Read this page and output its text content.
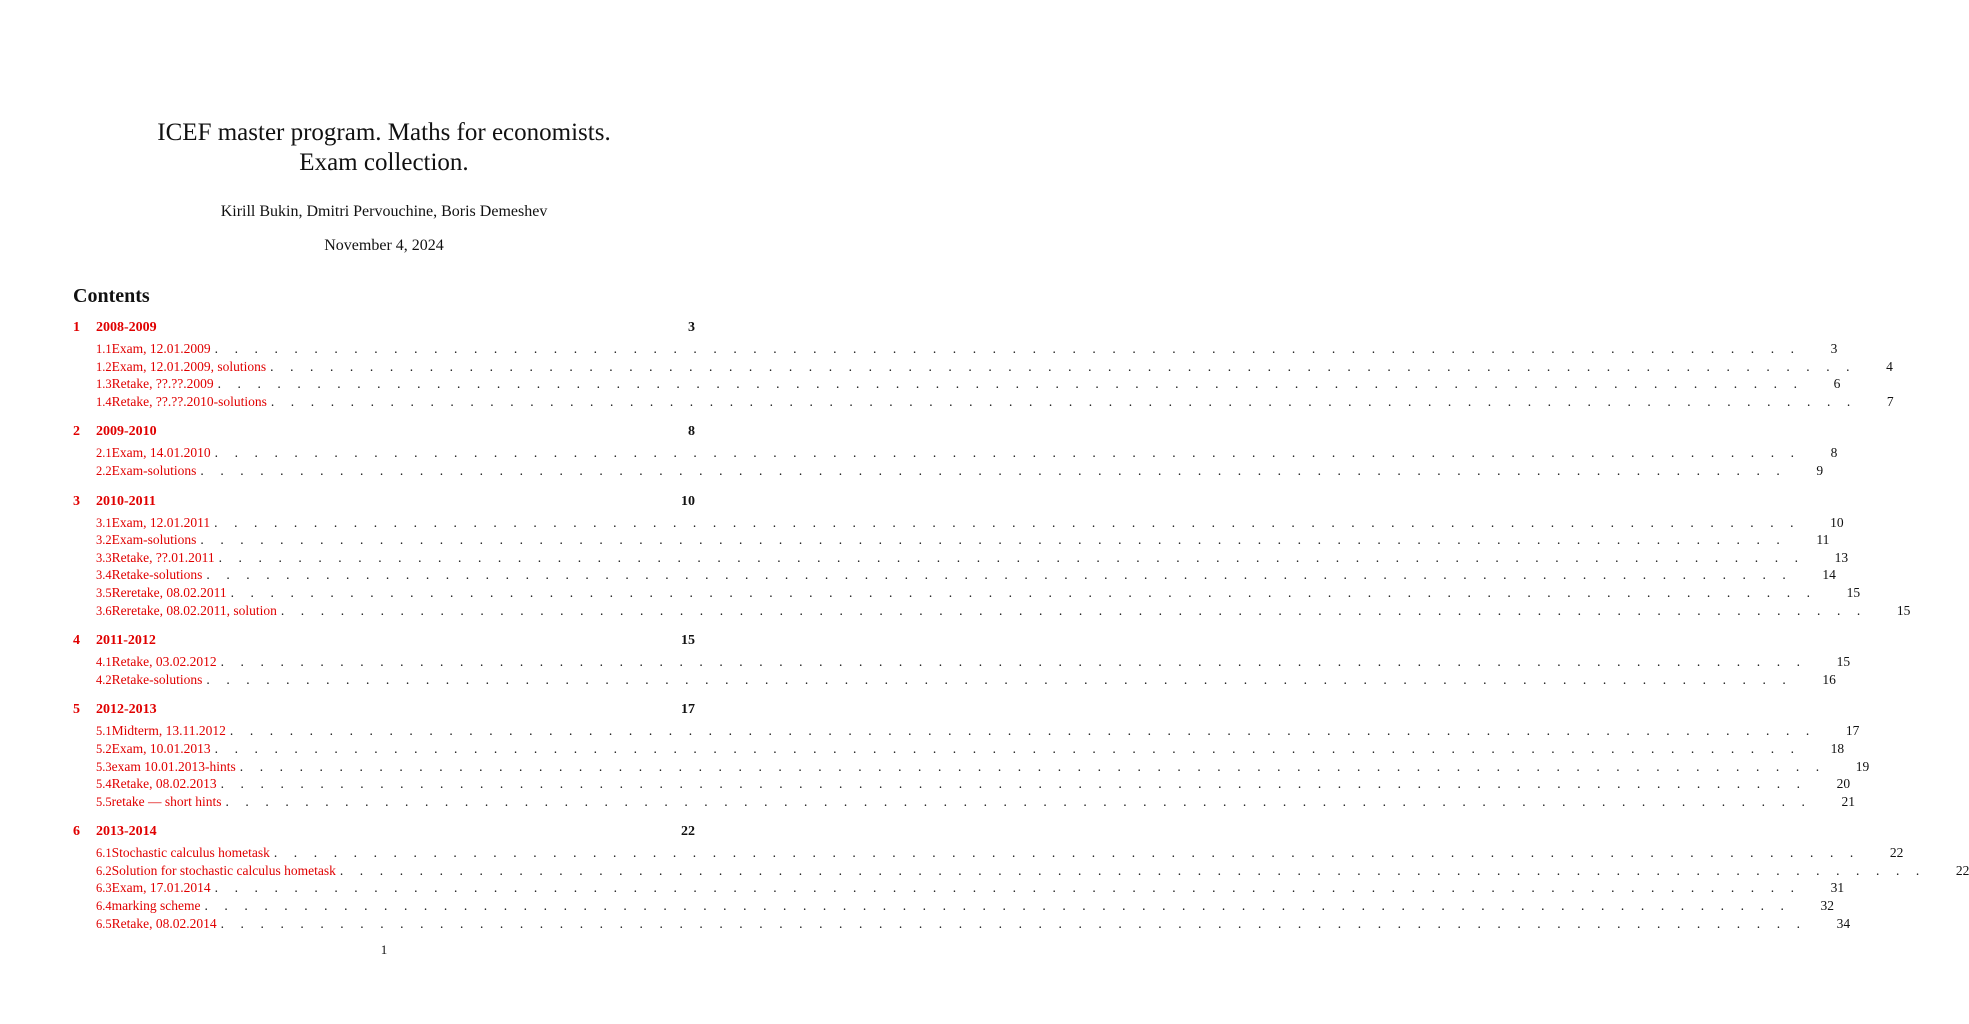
ICEF master program. Maths for economists.
Exam collection.
Kirill Bukin, Dmitri Pervouchine, Boris Demeshev
November 4, 2024
Contents
1	2008-2009	3
1.1 Exam, 12.01.2009 . . . . . . . . . . . . . . . . . . . . . . . . . . . . . . . . . . . . . . . . . . . . . . . . . . . . . . . . . . . . . . . . . . . . . . . . . . . . . . . . 3
1.2 Exam, 12.01.2009, solutions . . . . . . . . . . . . . . . . . . . . . . . . . . . . . . . . . . . . . . . . . . . . . . . . . . . . . . . . . . . . . . . . . . . . . . . . . . . . . . . . 4
1.3 Retake, ??.??.2009 . . . . . . . . . . . . . . . . . . . . . . . . . . . . . . . . . . . . . . . . . . . . . . . . . . . . . . . . . . . . . . . . . . . . . . . . . . . . . . . . 6
1.4 Retake, ??.??.2010-solutions . . . . . . . . . . . . . . . . . . . . . . . . . . . . . . . . . . . . . . . . . . . . . . . . . . . . . . . . . . . . . . . . . . . . . . . . . . . . . . . . 7
2	2009-2010	8
2.1 Exam, 14.01.2010 . . . . . . . . . . . . . . . . . . . . . . . . . . . . . . . . . . . . . . . . . . . . . . . . . . . . . . . . . . . . . . . . . . . . . . . . . . . . . . . . 8
2.2 Exam-solutions . . . . . . . . . . . . . . . . . . . . . . . . . . . . . . . . . . . . . . . . . . . . . . . . . . . . . . . . . . . . . . . . . . . . . . . . . . . . . . . . 9
3	2010-2011	10
3.1 Exam, 12.01.2011 . . . . . . . . . . . . . . . . . . . . . . . . . . . . . . . . . . . . . . . . . . . . . . . . . . . . . . . . . . . . . . . . . . . . . . . . . . . . . . . . 10
3.2 Exam-solutions . . . . . . . . . . . . . . . . . . . . . . . . . . . . . . . . . . . . . . . . . . . . . . . . . . . . . . . . . . . . . . . . . . . . . . . . . . . . . . . . 11
3.3 Retake, ??.01.2011 . . . . . . . . . . . . . . . . . . . . . . . . . . . . . . . . . . . . . . . . . . . . . . . . . . . . . . . . . . . . . . . . . . . . . . . . . . . . . . . . 13
3.4 Retake-solutions . . . . . . . . . . . . . . . . . . . . . . . . . . . . . . . . . . . . . . . . . . . . . . . . . . . . . . . . . . . . . . . . . . . . . . . . . . . . . . . . 14
3.5 Reretake, 08.02.2011 . . . . . . . . . . . . . . . . . . . . . . . . . . . . . . . . . . . . . . . . . . . . . . . . . . . . . . . . . . . . . . . . . . . . . . . . . . . . . . . . 15
3.6 Reretake, 08.02.2011, solution . . . . . . . . . . . . . . . . . . . . . . . . . . . . . . . . . . . . . . . . . . . . . . . . . . . . . . . . . . . . . . . . . . . . . . . . . . . . . . . . 15
4	2011-2012	15
4.1 Retake, 03.02.2012 . . . . . . . . . . . . . . . . . . . . . . . . . . . . . . . . . . . . . . . . . . . . . . . . . . . . . . . . . . . . . . . . . . . . . . . . . . . . . . . . 15
4.2 Retake-solutions . . . . . . . . . . . . . . . . . . . . . . . . . . . . . . . . . . . . . . . . . . . . . . . . . . . . . . . . . . . . . . . . . . . . . . . . . . . . . . . . 16
5	2012-2013	17
5.1 Midterm, 13.11.2012 . . . . . . . . . . . . . . . . . . . . . . . . . . . . . . . . . . . . . . . . . . . . . . . . . . . . . . . . . . . . . . . . . . . . . . . . . . . . . . . . 17
5.2 Exam, 10.01.2013 . . . . . . . . . . . . . . . . . . . . . . . . . . . . . . . . . . . . . . . . . . . . . . . . . . . . . . . . . . . . . . . . . . . . . . . . . . . . . . . . 18
5.3 exam 10.01.2013-hints . . . . . . . . . . . . . . . . . . . . . . . . . . . . . . . . . . . . . . . . . . . . . . . . . . . . . . . . . . . . . . . . . . . . . . . . . . . . . . . . 19
5.4 Retake, 08.02.2013 . . . . . . . . . . . . . . . . . . . . . . . . . . . . . . . . . . . . . . . . . . . . . . . . . . . . . . . . . . . . . . . . . . . . . . . . . . . . . . . . 20
5.5 retake — short hints . . . . . . . . . . . . . . . . . . . . . . . . . . . . . . . . . . . . . . . . . . . . . . . . . . . . . . . . . . . . . . . . . . . . . . . . . . . . . . . . 21
6	2013-2014	22
6.1 Stochastic calculus hometask . . . . . . . . . . . . . . . . . . . . . . . . . . . . . . . . . . . . . . . . . . . . . . . . . . . . . . . . . . . . . . . . . . . . . . . . . . . . . . . . 22
6.2 Solution for stochastic calculus hometask . . . . . . . . . . . . . . . . . . . . . . . . . . . . . . . . . . . . . . . . . . . . . . . . . . . . . . . . . . . . . . . . . . . . . . . . . . . . . . . . 22
6.3 Exam, 17.01.2014 . . . . . . . . . . . . . . . . . . . . . . . . . . . . . . . . . . . . . . . . . . . . . . . . . . . . . . . . . . . . . . . . . . . . . . . . . . . . . . . . 31
6.4 marking scheme . . . . . . . . . . . . . . . . . . . . . . . . . . . . . . . . . . . . . . . . . . . . . . . . . . . . . . . . . . . . . . . . . . . . . . . . . . . . . . . . 32
6.5 Retake, 08.02.2014 . . . . . . . . . . . . . . . . . . . . . . . . . . . . . . . . . . . . . . . . . . . . . . . . . . . . . . . . . . . . . . . . . . . . . . . . . . . . . . . . 34
1
